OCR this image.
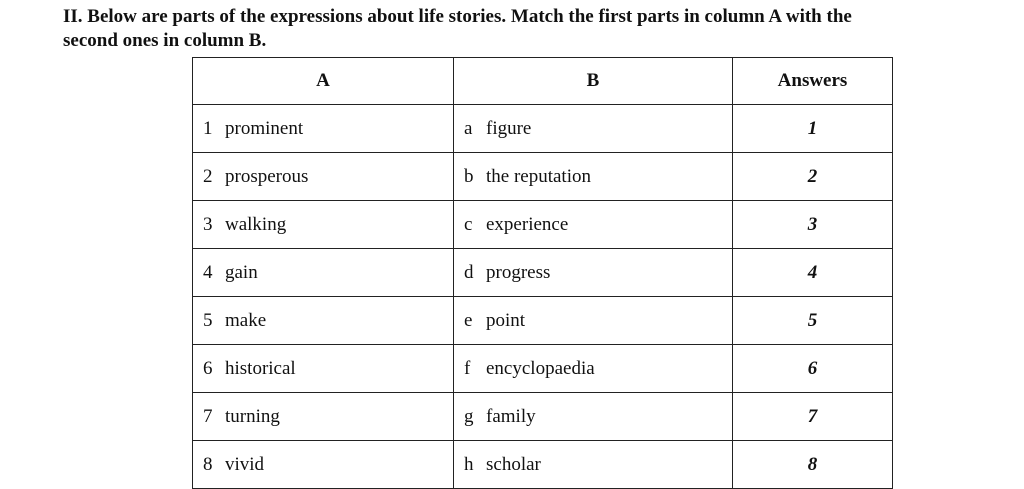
II. Below are parts of the expressions about life stories. Match the first parts in column A with the
second ones in column B.
A	B	Answers
1 prominent	a figure	1
2 prosperous	b the reputation	2
3 walking	c experience	3
4 gain	d progress	4
5 make	e point	5
6 historical	f encyclopaedia	6
7 turning	g family	7
8 vivid	h scholar	8
